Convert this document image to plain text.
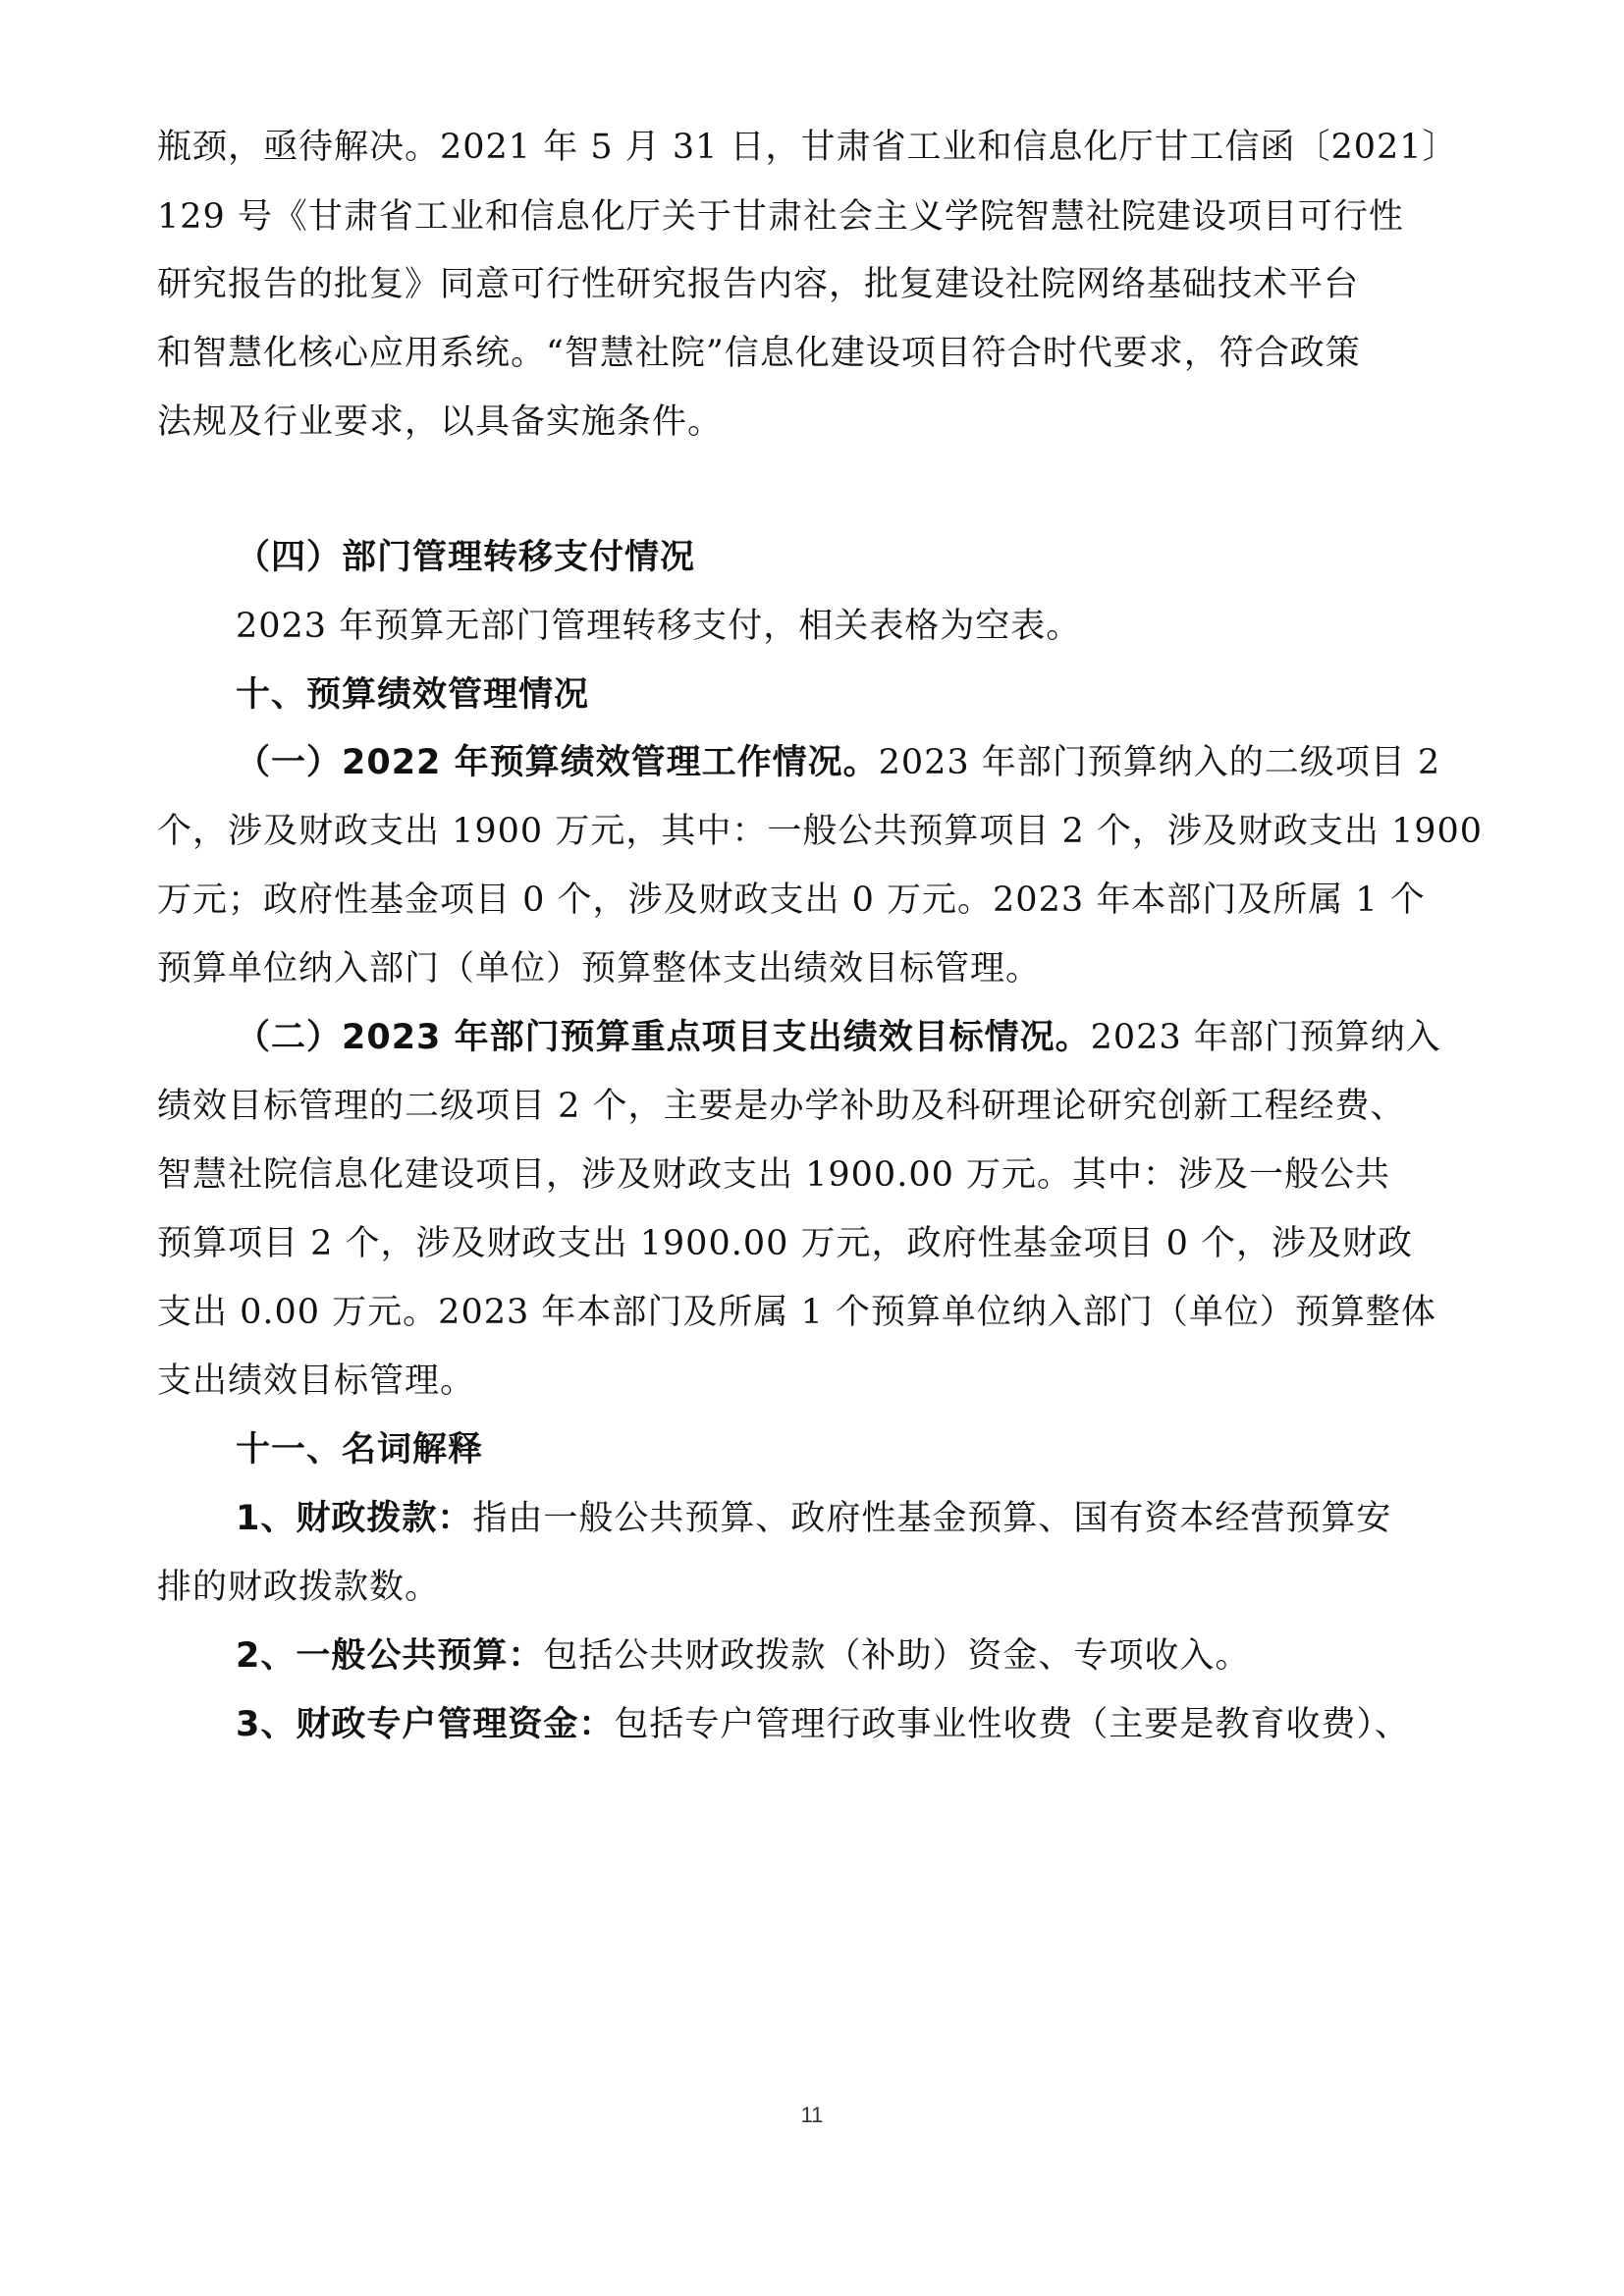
瓶颈，亟待解决。2021 年 5 月 31 日，甘肃省工业和信息化厅甘工信函〔2021〕
129 号《甘肃省工业和信息化厅关于甘肃社会主义学院智慧社院建设项目可行性
研究报告的批复》同意可行性研究报告内容，批复建设社院网络基础技术平台
和智慧化核心应用系统。“智慧社院”信息化建设项目符合时代要求，符合政策
法规及行业要求，以具备实施条件。
（四）部门管理转移支付情况
2023 年预算无部门管理转移支付，相关表格为空表。
十、预算绩效管理情况
（一）2022 年预算绩效管理工作情况。2023 年部门预算纳入的二级项目 2
个，涉及财政支出 1900 万元，其中：一般公共预算项目 2 个，涉及财政支出 1900
万元；政府性基金项目 0 个，涉及财政支出 0 万元。2023 年本部门及所属 1 个
预算单位纳入部门（单位）预算整体支出绩效目标管理。
（二）2023 年部门预算重点项目支出绩效目标情况。2023 年部门预算纳入
绩效目标管理的二级项目 2 个，主要是办学补助及科研理论研究创新工程经费、
智慧社院信息化建设项目，涉及财政支出 1900.00 万元。其中：涉及一般公共
预算项目 2 个，涉及财政支出 1900.00 万元，政府性基金项目 0 个，涉及财政
支出 0.00 万元。2023 年本部门及所属 1 个预算单位纳入部门（单位）预算整体
支出绩效目标管理。
十一、名词解释
1、财政拨款：指由一般公共预算、政府性基金预算、国有资本经营预算安
排的财政拨款数。
2、一般公共预算：包括公共财政拨款（补助）资金、专项收入。
3、财政专户管理资金：包括专户管理行政事业性收费（主要是教育收费）、
11
